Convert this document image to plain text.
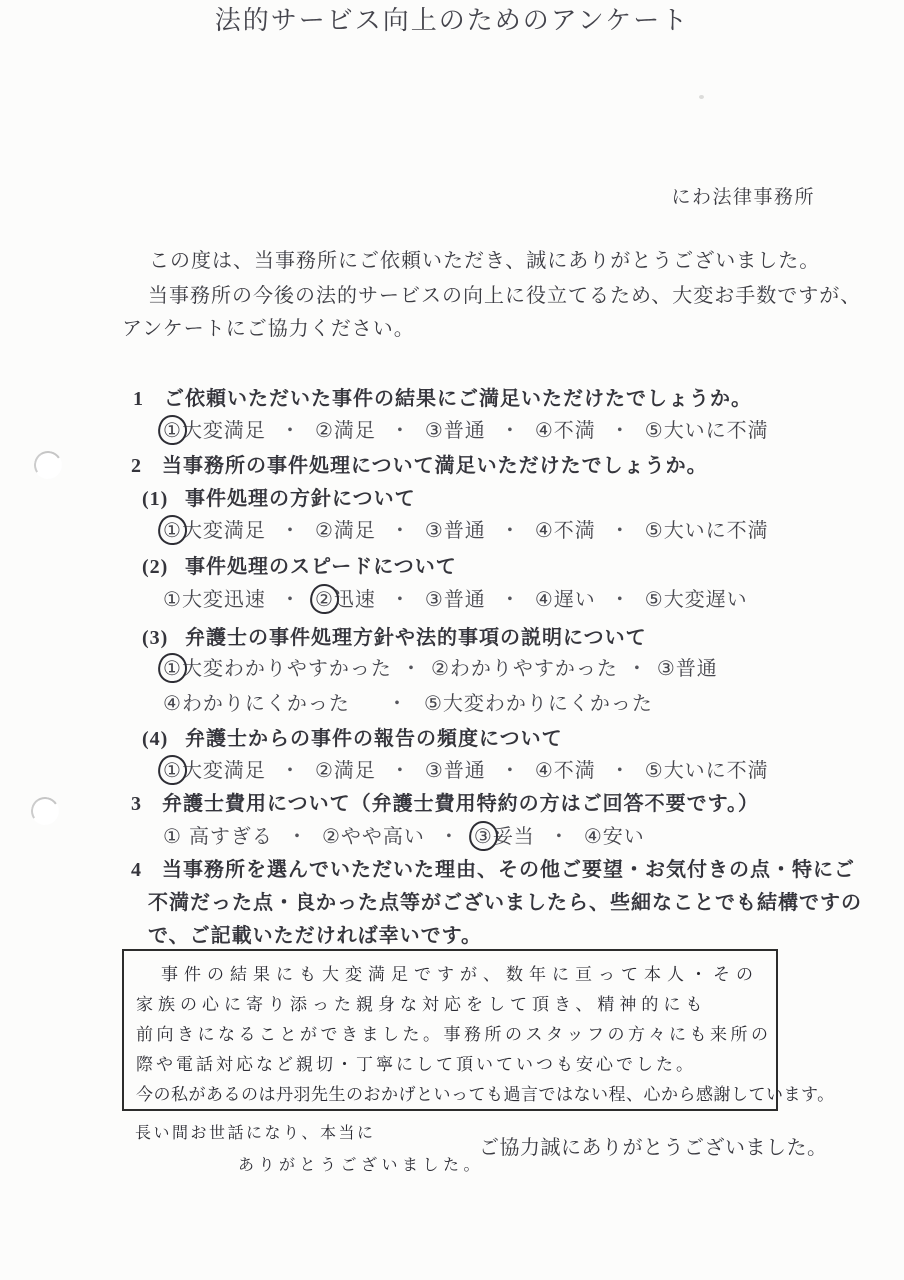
法的サービス向上のためのアンケート
にわ法律事務所
この度は、当事務所にご依頼いただき、誠にありがとうございました。
当事務所の今後の法的サービスの向上に役立てるため、大変お手数ですが、
アンケートにご協力ください。
1 ご依頼いただいた事件の結果にご満足いただけたでしょうか。
①大変満足 ・ ②満足 ・ ③普通 ・ ④不満 ・ ⑤大いに不満
2 当事務所の事件処理について満足いただけたでしょうか。
(1) 事件処理の方針について
①大変満足 ・ ②満足 ・ ③普通 ・ ④不満 ・ ⑤大いに不満
(2) 事件処理のスピードについて
①大変迅速 ・ ②迅速 ・ ③普通 ・ ④遅い ・ ⑤大変遅い
(3) 弁護士の事件処理方針や法的事項の説明について
①大変わかりやすかった ・ ②わかりやすかった ・ ③普通
④わかりにくかった ・ ⑤大変わかりにくかった
(4) 弁護士からの事件の報告の頻度について
①大変満足 ・ ②満足 ・ ③普通 ・ ④不満 ・ ⑤大いに不満
3 弁護士費用について（弁護士費用特約の方はご回答不要です。）
① 高すぎる ・ ②やや高い ・ ③妥当 ・ ④安い
4 当事務所を選んでいただいた理由、その他ご要望・お気付きの点・特にご
不満だった点・良かった点等がございましたら、些細なことでも結構ですの
で、ご記載いただければ幸いです。
事件の結果にも大変満足ですが、数年に亘って本人・その
家族の心に寄り添った親身な対応をして頂き、精神的にも
前向きになることができました。事務所のスタッフの方々にも来所の
際や電話対応など親切・丁寧にして頂いていつも安心でした。
今の私があるのは丹羽先生のおかげといっても過言ではない程、心から感謝しています。
長い間お世話になり、本当に
ありがとうございました。
ご協力誠にありがとうございました。
